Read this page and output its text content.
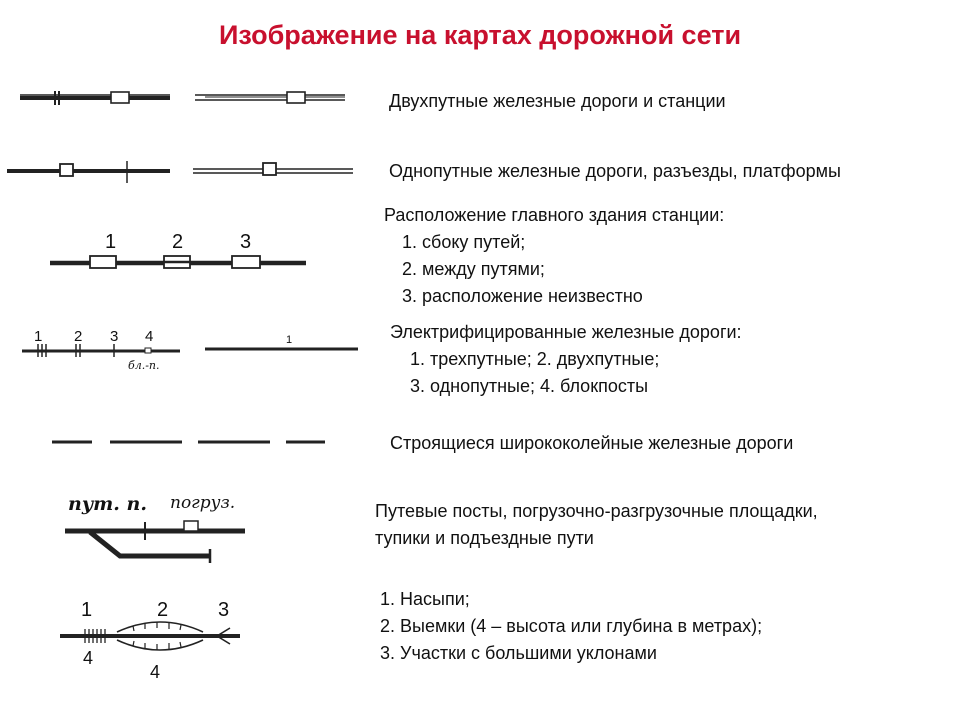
Изображение на картах дорожной сети
Двухпутные железные дороги и станции
Однопутные железные дороги, разъезды, платформы
1	2	3
Расположение главного здания станции:
1. сбоку путей;
2. между путями;
3. расположение неизвестно
1 2 3 4	1
бл.-п.
Электрифицированные железные дороги:
1. трехпутные; 2. двухпутные;
3. однопутные; 4. блокпосты
Строящиеся ширококолейные железные дороги
пут. п. погруз.	Путевые посты, погрузочно-разгрузочные площадки,
тупики и подъездные пути
1	2 3
4
4
1. Насыпи;
2. Выемки (4 – высота или глубина в метрах);
3. Участки с большими уклонами
